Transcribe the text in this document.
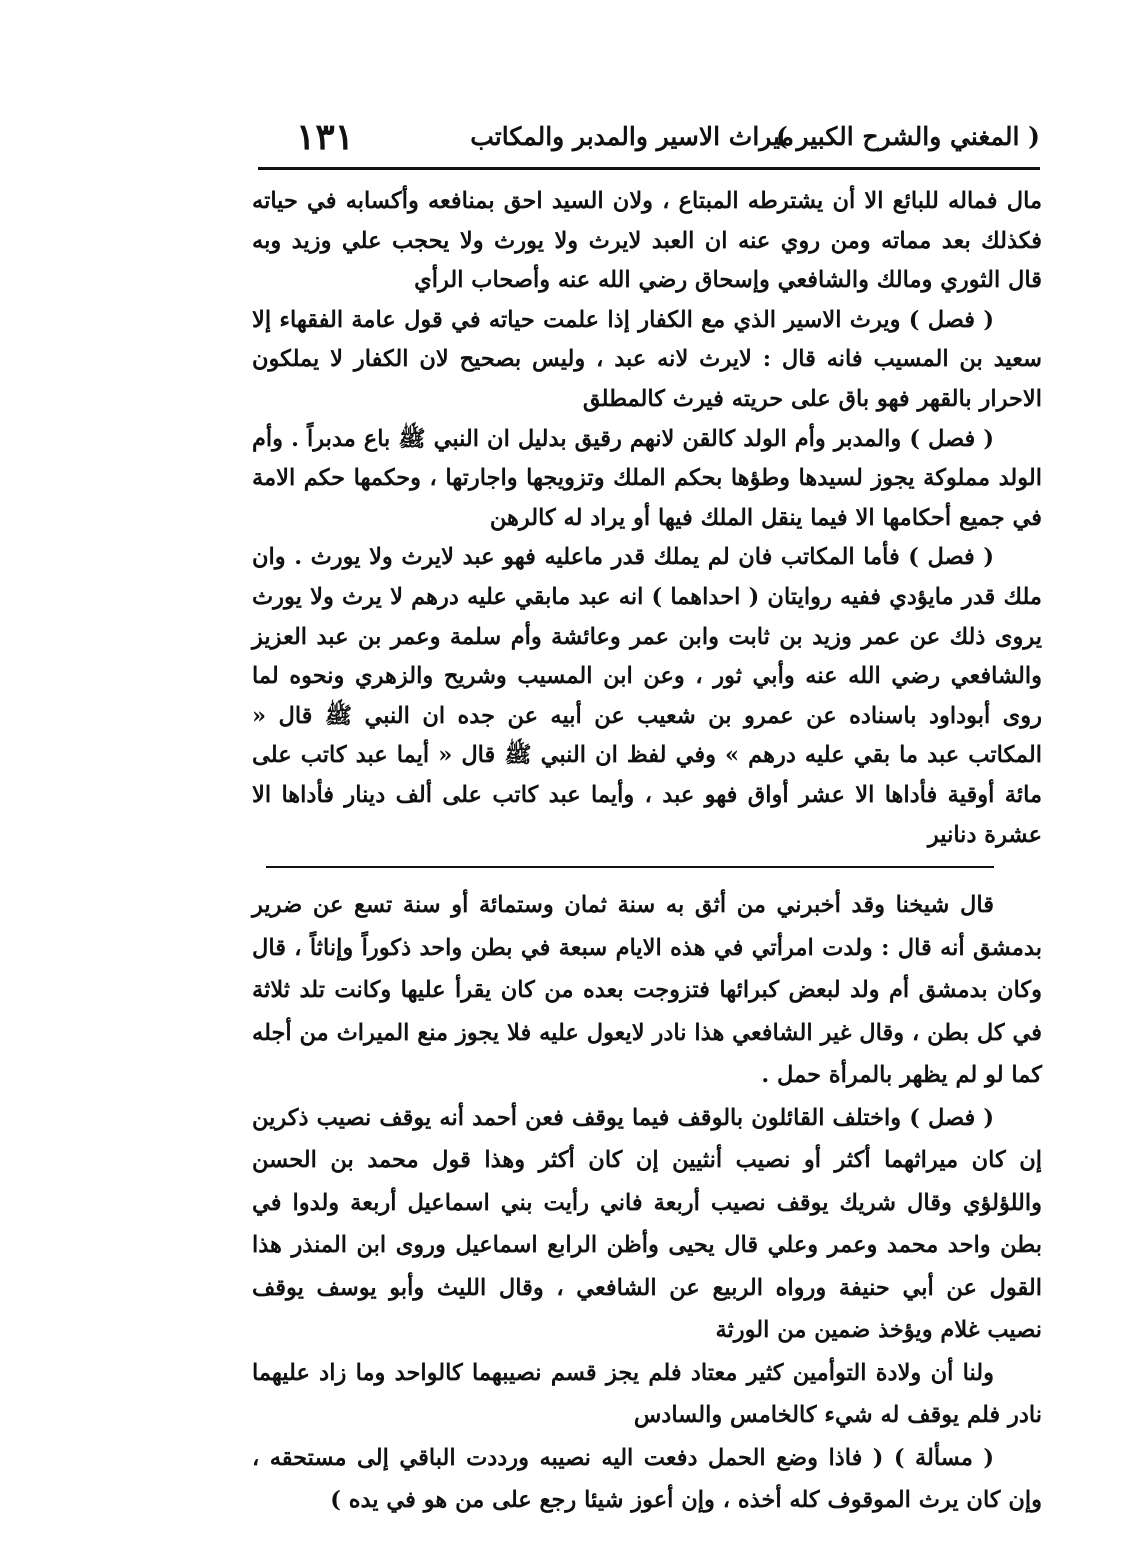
( المغني والشرح الكبير )
ميراث الاسير والمدبر والمكاتب
١٣١

مال فماله للبائع الا أن يشترطه المبتاع ، ولان السيد احق بمنافعه وأكسابه في حياته فكذلك بعد مماته ومن روي عنه ان العبد لايرث ولا يورث ولا يحجب علي وزيد وبه قال الثوري ومالك والشافعي وإسحاق رضي الله عنه وأصحاب الرأي

( فصل ) ويرث الاسير الذي مع الكفار إذا علمت حياته في قول عامة الفقهاء إلا سعيد بن المسيب فانه قال : لايرث لانه عبد ، وليس بصحيح لان الكفار لا يملكون الاحرار بالقهر فهو باق على حريته فيرث كالمطلق

( فصل ) والمدبر وأم الولد كالقن لانهم رقيق بدليل ان النبي ﷺ باع مدبراً . وأم الولد مملوكة يجوز لسيدها وطؤها بحكم الملك وتزويجها واجارتها ، وحكمها حكم الامة في جميع أحكامها الا فيما ينقل الملك فيها أو يراد له كالرهن

( فصل ) فأما المكاتب فان لم يملك قدر ماعليه فهو عبد لايرث ولا يورث . وان ملك قدر مايؤدي ففيه روايتان ( احداهما ) انه عبد مابقي عليه درهم لا يرث ولا يورث يروى ذلك عن عمر وزيد بن ثابت وابن عمر وعائشة وأم سلمة وعمر بن عبد العزيز والشافعي رضي الله عنه وأبي ثور ، وعن ابن المسيب وشريح والزهري ونحوه لما روى أبوداود باسناده عن عمرو بن شعيب عن أبيه عن جده ان النبي ﷺ قال « المكاتب عبد ما بقي عليه درهم » وفي لفظ ان النبي ﷺ قال « أيما عبد كاتب على مائة أوقية فأداها الا عشر أواق فهو عبد ، وأيما عبد كاتب على ألف دينار فأداها الا عشرة دنانير

قال شيخنا وقد أخبرني من أثق به سنة ثمان وستمائة أو سنة تسع عن ضرير بدمشق أنه قال : ولدت امرأتي في هذه الايام سبعة في بطن واحد ذكوراً وإناثاً ، قال وكان بدمشق أم ولد لبعض كبرائها فتزوجت بعده من كان يقرأ عليها وكانت تلد ثلاثة في كل بطن ، وقال غير الشافعي هذا نادر لايعول عليه فلا يجوز منع الميراث من أجله كما لو لم يظهر بالمرأة حمل .

( فصل ) واختلف القائلون بالوقف فيما يوقف فعن أحمد أنه يوقف نصيب ذكرين إن كان ميراثهما أكثر أو نصيب أنثيين إن كان أكثر وهذا قول محمد بن الحسن واللؤلؤي وقال شريك يوقف نصيب أربعة فاني رأيت بني اسماعيل أربعة ولدوا في بطن واحد محمد وعمر وعلي قال يحيى وأظن الرابع اسماعيل وروى ابن المنذر هذا القول عن أبي حنيفة ورواه الربيع عن الشافعي ، وقال الليث وأبو يوسف يوقف نصيب غلام ويؤخذ ضمين من الورثة

ولنا أن ولادة التوأمين كثير معتاد فلم يجز قسم نصيبهما كالواحد وما زاد عليهما نادر فلم يوقف له شيء كالخامس والسادس

( مسألة ) ( فاذا وضع الحمل دفعت اليه نصيبه ورددت الباقي إلى مستحقه ، وإن كان يرث الموقوف كله أخذه ، وإن أعوز شيئا رجع على من هو في يده )
